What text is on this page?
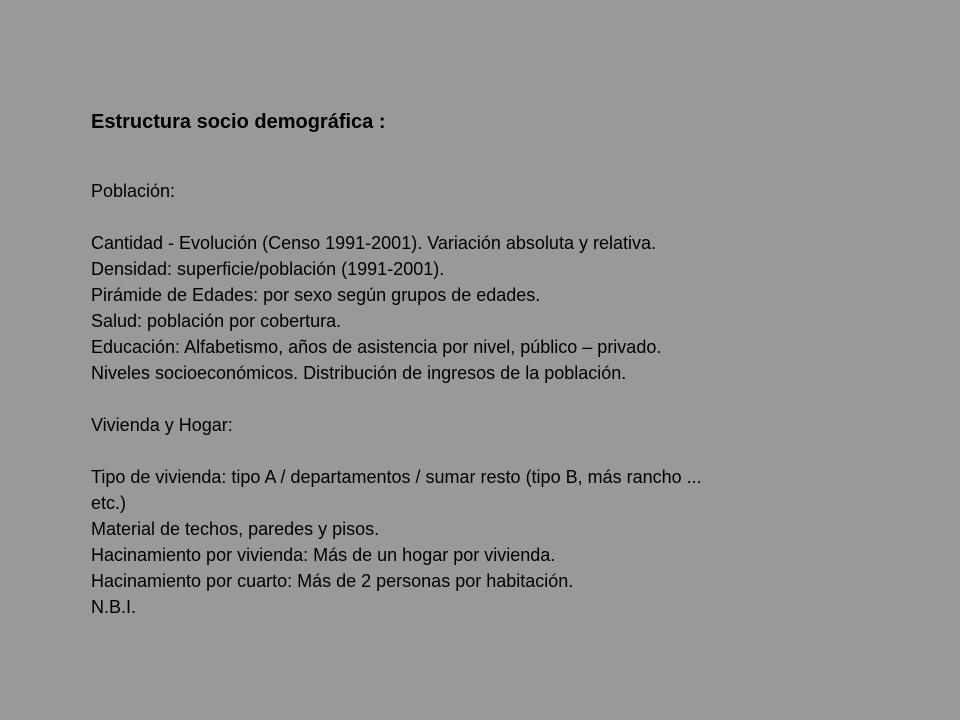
Estructura socio demográfica :

Población:

Cantidad - Evolución (Censo 1991-2001). Variación absoluta y relativa.

Densidad: superficie/población (1991-2001).

Pirámide de Edades: por sexo según grupos de edades.

Salud: población por cobertura.

Educación: Alfabetismo, años de asistencia por nivel, público – privado.

Niveles socioeconómicos. Distribución de ingresos de la población.

Vivienda y Hogar:

Tipo de vivienda: tipo A / departamentos / sumar resto (tipo B, más rancho ...

etc.)

Material de techos, paredes y pisos.

Hacinamiento por vivienda: Más de un hogar por vivienda.

Hacinamiento por cuarto: Más de 2 personas por habitación.

N.B.I.
